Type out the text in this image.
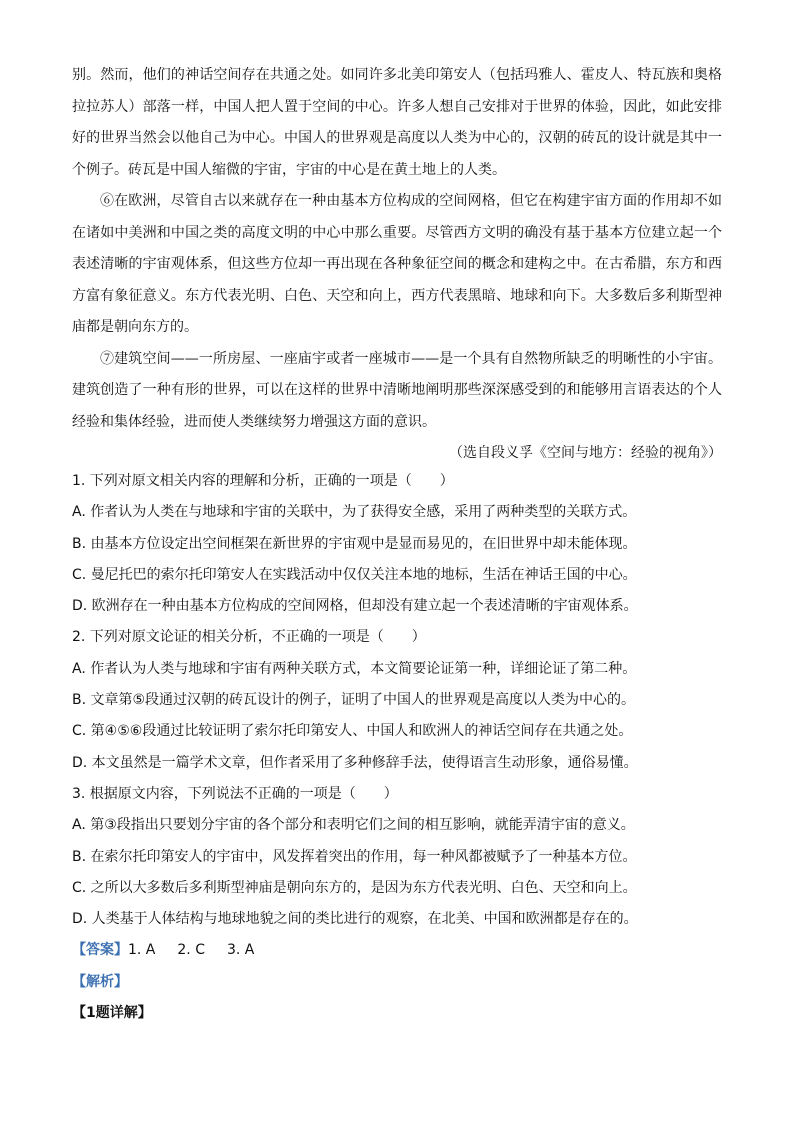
别。然而，他们的神话空间存在共通之处。如同许多北美印第安人（包括玛雅人、霍皮人、特瓦族和奥格拉拉苏人）部落一样，中国人把人置于空间的中心。许多人想自己安排对于世界的体验，因此，如此安排好的世界当然会以他自己为中心。中国人的世界观是高度以人类为中心的，汉朝的砖瓦的设计就是其中一个例子。砖瓦是中国人缩微的宇宙，宇宙的中心是在黄土地上的人类。

⑥在欧洲，尽管自古以来就存在一种由基本方位构成的空间网格，但它在构建宇宙方面的作用却不如在诸如中美洲和中国之类的高度文明的中心中那么重要。尽管西方文明的确没有基于基本方位建立起一个表述清晰的宇宙观体系，但这些方位却一再出现在各种象征空间的概念和建构之中。在古希腊，东方和西方富有象征意义。东方代表光明、白色、天空和向上，西方代表黑暗、地球和向下。大多数后多利斯型神庙都是朝向东方的。

⑦建筑空间——一所房屋、一座庙宇或者一座城市——是一个具有自然物所缺乏的明晰性的小宇宙。建筑创造了一种有形的世界，可以在这样的世界中清晰地阐明那些深深感受到的和能够用言语表达的个人经验和集体经验，进而使人类继续努力增强这方面的意识。

（选自段义孚《空间与地方：经验的视角》）

1. 下列对原文相关内容的理解和分析，正确的一项是（　　）

A. 作者认为人类在与地球和宇宙的关联中，为了获得安全感，采用了两种类型的关联方式。

B. 由基本方位设定出空间框架在新世界的宇宙观中是显而易见的，在旧世界中却未能体现。

C. 曼尼托巴的索尔托印第安人在实践活动中仅仅关注本地的地标，生活在神话王国的中心。

D. 欧洲存在一种由基本方位构成的空间网格，但却没有建立起一个表述清晰的宇宙观体系。

2. 下列对原文论证的相关分析，不正确的一项是（　　）

A. 作者认为人类与地球和宇宙有两种关联方式，本文简要论证第一种，详细论证了第二种。

B. 文章第⑤段通过汉朝的砖瓦设计的例子，证明了中国人的世界观是高度以人类为中心的。

C. 第④⑤⑥段通过比较证明了索尔托印第安人、中国人和欧洲人的神话空间存在共通之处。

D. 本文虽然是一篇学术文章，但作者采用了多种修辞手法，使得语言生动形象，通俗易懂。

3. 根据原文内容，下列说法不正确的一项是（　　）

A. 第③段指出只要划分宇宙的各个部分和表明它们之间的相互影响，就能弄清宇宙的意义。

B. 在索尔托印第安人的宇宙中，风发挥着突出的作用，每一种风都被赋予了一种基本方位。

C. 之所以大多数后多利斯型神庙是朝向东方的，是因为东方代表光明、白色、天空和向上。

D. 人类基于人体结构与地球地貌之间的类比进行的观察，在北美、中国和欧洲都是存在的。

【答案】1. A 2. C 3. A

【解析】

【1题详解】
